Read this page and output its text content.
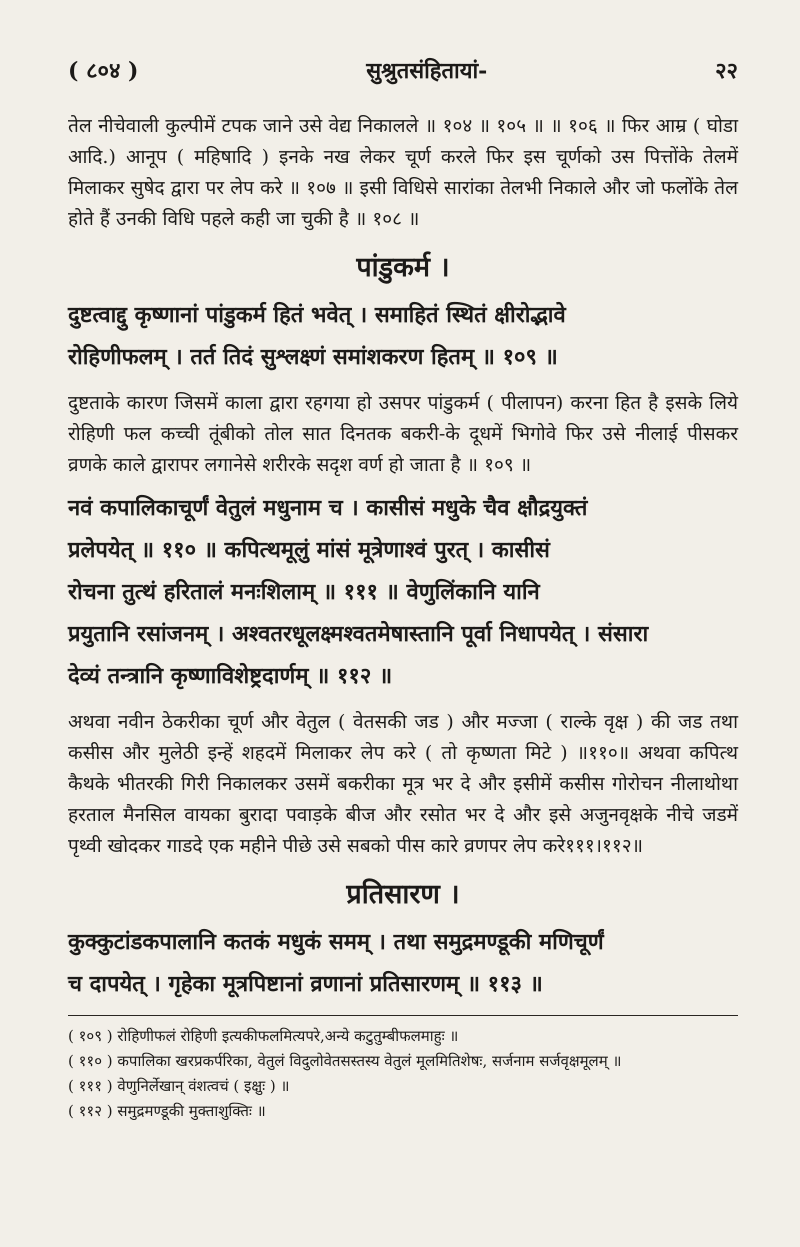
( ८०४ )	सुश्रुतसंहितायां-	२२

तेल नीचेवाली कुल्पीमें टपक जाने उसे वेद्य निकालले ॥ १०४ ॥ १०५ ॥ ॥ १०६ ॥ फिर आम्र ( घोडा आदि.) आनूप ( महिषादि ) इनके नख लेकर चूर्ण करले फिर इस चूर्णको उस पित्तोंके तेलमें मिलाकर सुषेद द्वारा पर लेप करे ॥ १०७ ॥ इसी विधिसे सारांका तेलभी निकाले और जो फलोंके तेल होते हैं उनकी विधि पहले कही जा चुकी है ॥ १०८ ॥

पांडुकर्म ।
दुष्टत्वाद्दु कृष्णानां पांडुकर्म हितं भवेत् । समाहितं स्थितं क्षीरोद्भावे
रोहिणीफलम् । तर्त तिदं सुश्लक्ष्णं समांशकरण हितम् ॥ १०९ ॥

दुष्टताके कारण जिसमें काला द्वारा रहगया हो उसपर पांडुकर्म ( पीलापन) करना हित है इसके लिये रोहिणी फल कच्ची तूंबीको तोल सात दिनतक बकरी-के दूधमें भिगोवे फिर उसे नीलाई पीसकर व्रणके काले द्वारापर लगानेसे शरीरके सदृश वर्ण हो जाता है ॥ १०९ ॥

नवं कपालिकाचूर्णं वेतुलं मधुनाम च । कासीसं मधुके चैव क्षौद्रयुक्तं
प्रलेपयेत् ॥ ११० ॥ कपित्थमूलुं मांसं मूत्रेणाश्वं पुरत् । कासीसं
रोचना तुत्थं हरितालं मनःशिलाम् ॥ १११ ॥ वेणुलिंकानि यानि
प्रयुतानि रसांजनम् । अश्वतरधूलक्ष्मश्वतमेषास्तानि पूर्वा निधापयेत् । संसारा
देव्यं तन्त्रानि कृष्णाविशेष्ट्रदार्णम् ॥ ११२ ॥

अथवा नवीन ठेकरीका चूर्ण और वेतुल ( वेतसकी जड ) और मज्जा ( राल्के वृक्ष ) की जड तथा कसीस और मुलेठी इन्हें शहदमें मिलाकर लेप करे ( तो कृष्णता मिटे ) ॥११०॥ अथवा कपित्थ कैथके भीतरकी गिरी निकालकर उसमें बकरीका मूत्र भर दे और इसीमें कसीस गोरोचन नीलाथोथा हरताल मैनसिल वायका बुरादा पवाड़के बीज और रसोत भर दे और इसे अजुनवृक्षके नीचे जडमें पृथ्वी खोदकर गाडदे एक महीने पीछे उसे सबको पीस कारे व्रणपर लेप करे१११।११२॥

प्रतिसारण ।
कुक्कुटांडकपालानि कतकं मधुकं समम् । तथा समुद्रमण्डूकी मणिचूर्णं
च दापयेत् । गृहेका मूत्रपिष्टानां व्रणानां प्रतिसारणम् ॥ ११३ ॥

( १०९ ) रोहिणीफलं रोहिणी इत्यकीफलमित्यपरे,अन्ये कटुतुम्बीफलमाहुः ॥

( ११० ) कपालिका खरप्रकर्परिका, वेतुलं विदुलोवेतसस्तस्य वेतुलं मूलमितिशेषः, सर्जनाम सर्जवृक्षमूलम् ॥

( १११ ) वेणुनिर्लेखान् वंशत्वचं ( इक्षुः ) ॥

( ११२ ) समुद्रमण्डूकी मुक्ताशुक्तिः ॥
